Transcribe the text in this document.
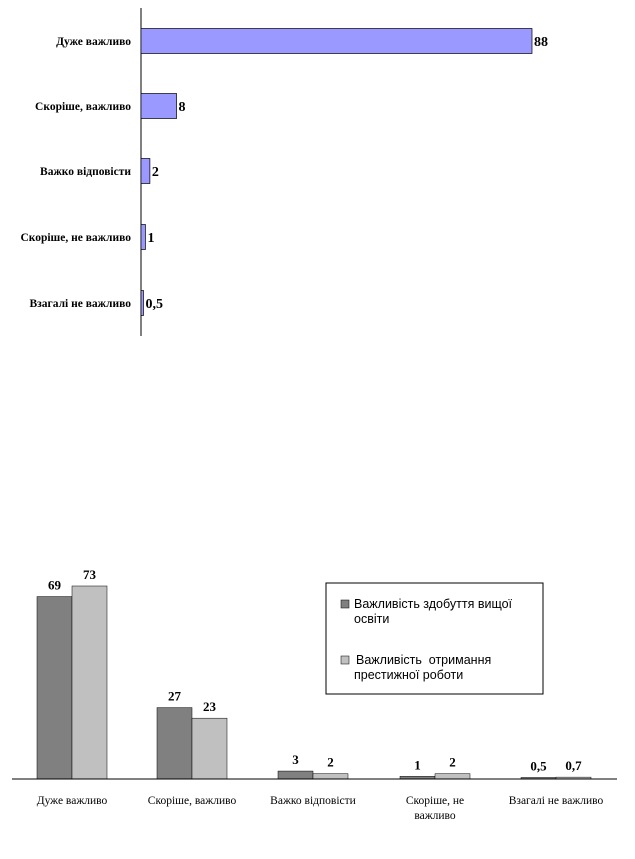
88
Дуже важливо
8
Скоріше, важливо
2
Важко відповісти
1
Скоріше, не важливо
0,5
Взагалі не важливо
Важливість здобуття вищої
освіти
Важливість  отримання
престижної роботи
69
73
Дуже важливо
27
23
Скоріше, важливо
3 2
Важко відповісти
1 2
Скоріше, не важливо
0,5 0,7
Взагалі не важливо
